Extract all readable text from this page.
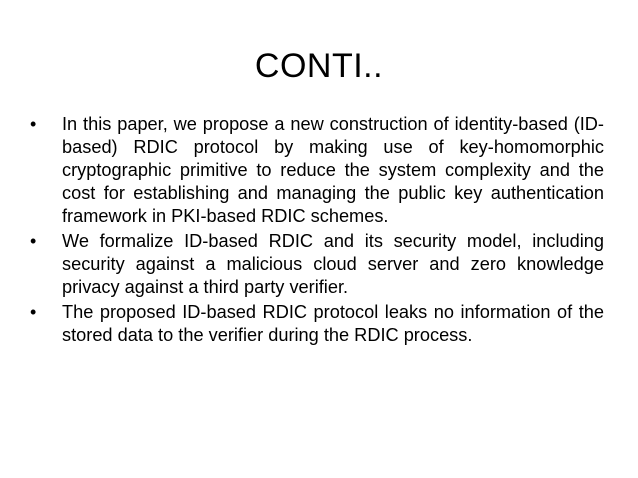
CONTI..
•	In this paper, we propose a new construction of identity-based (ID-based) RDIC protocol by making use of key-homomorphic cryptographic primitive to reduce the system complexity and the cost for establishing and managing the public key authentication framework in PKI-based RDIC schemes.
•	We formalize ID-based RDIC and its security model, including security against a malicious cloud server and zero knowledge privacy against a third party verifier.
•	The proposed ID-based RDIC protocol leaks no information of the stored data to the verifier during the RDIC process.
